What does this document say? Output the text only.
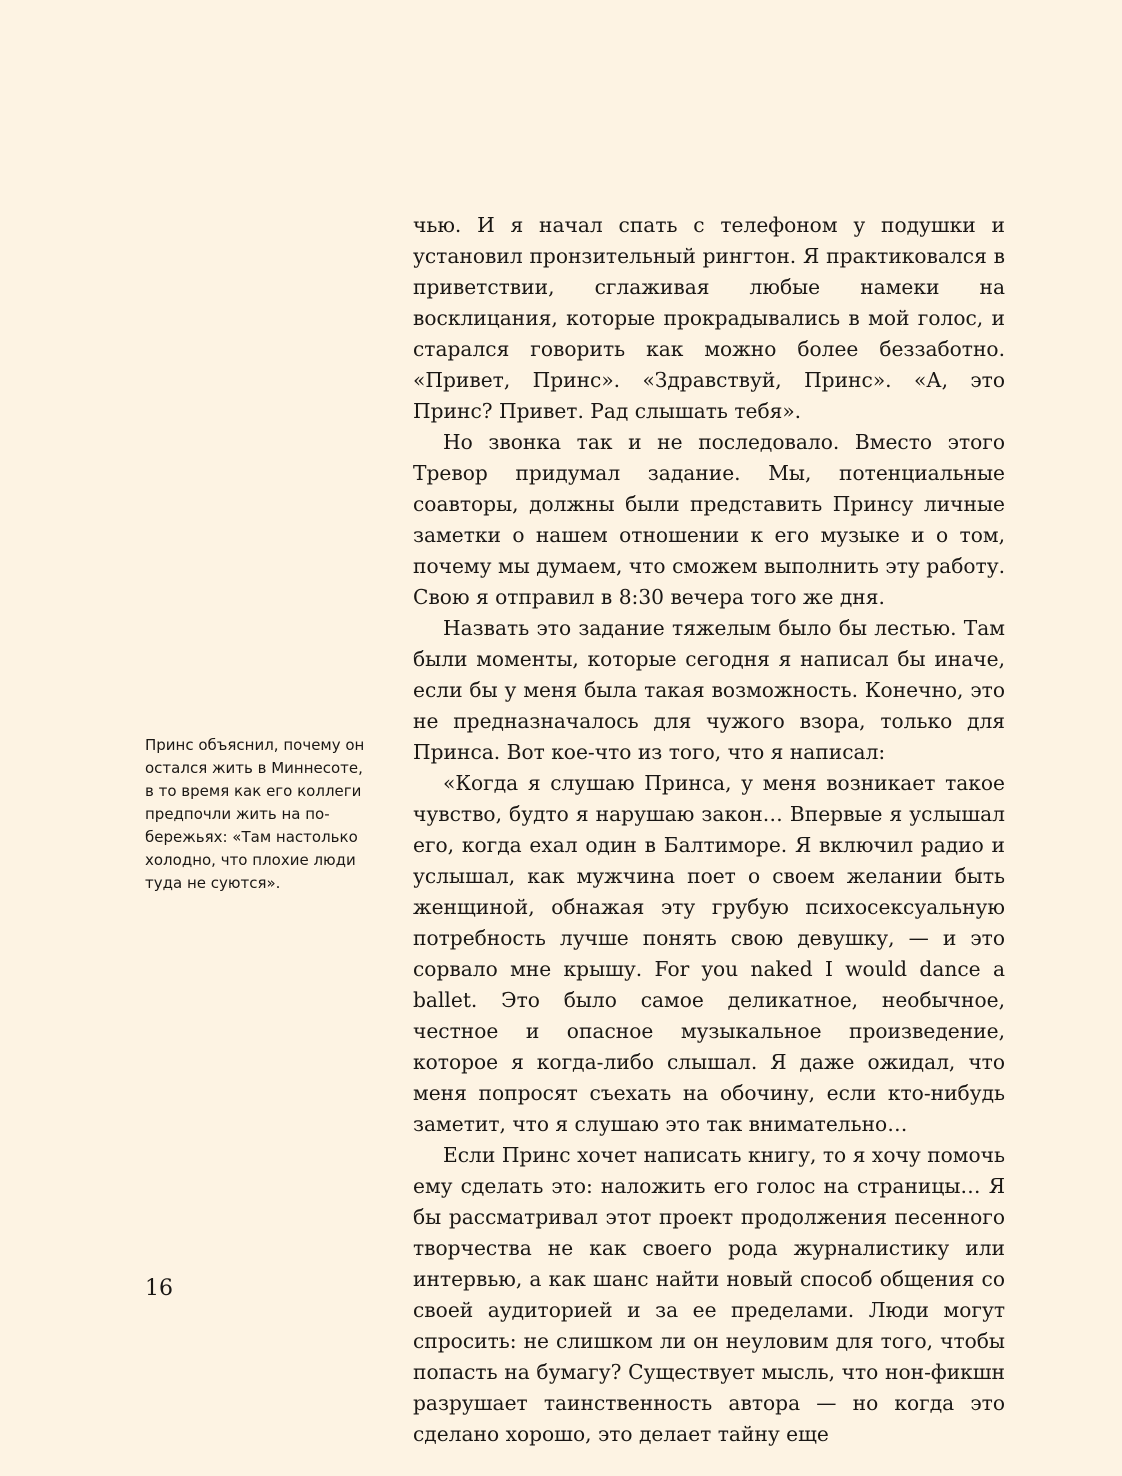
чью. И я начал спать с телефоном у подушки и установил пронзительный рингтон. Я практиковался в приветствии, сглаживая любые намеки на восклицания, которые прокрадывались в мой голос, и старался говорить как можно более беззаботно. «Привет, Принс». «Здравствуй, Принс». «А, это Принс? Привет. Рад слышать тебя».

Но звонка так и не последовало. Вместо этого Тревор придумал задание. Мы, потенциальные соавторы, должны были представить Принсу личные заметки о нашем отношении к его музыке и о том, почему мы думаем, что сможем выполнить эту работу. Свою я отправил в 8:30 вечера того же дня.

Назвать это задание тяжелым было бы лестью. Там были моменты, которые сегодня я написал бы иначе, если бы у меня была такая возможность. Конечно, это не предназначалось для чужого взора, только для Принса. Вот кое-что из того, что я написал:

«Когда я слушаю Принса, у меня возникает такое чувство, будто я нарушаю закон… Впервые я услышал его, когда ехал один в Балтиморе. Я включил радио и услышал, как мужчина поет о своем желании быть женщиной, обнажая эту грубую психосексуальную потребность лучше понять свою девушку, — и это сорвало мне крышу. For you naked I would dance a ballet. Это было самое деликатное, необычное, честное и опасное музыкальное произведение, которое я когда-либо слышал. Я даже ожидал, что меня попросят съехать на обочину, если кто-нибудь заметит, что я слушаю это так внимательно…

Если Принс хочет написать книгу, то я хочу помочь ему сделать это: наложить его голос на страницы… Я бы рассматривал этот проект продолжения песенного творчества не как своего рода журналистику или интервью, а как шанс найти новый способ общения со своей аудиторией и за ее пределами. Люди могут спросить: не слишком ли он неуловим для того, чтобы попасть на бумагу? Существует мысль, что нон-фикшн разрушает таинственность автора — но когда это сделано хорошо, это делает тайну еще

Принс объяснил, почему он остался жить в Миннесоте, в то время как его коллеги предпочли жить на побережьях: «Там настолько холодно, что плохие люди туда не суются».
16
